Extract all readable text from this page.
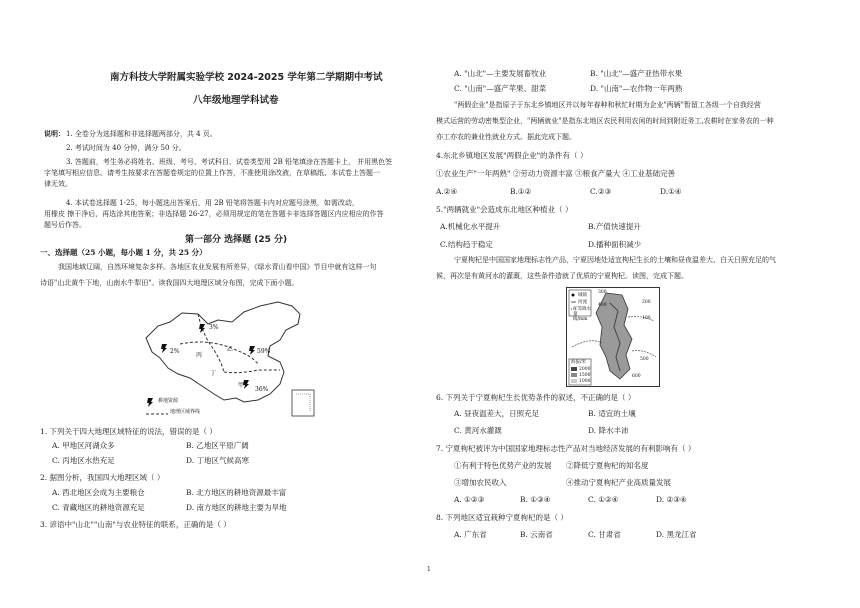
南方科技大学附属实验学校 2024-2025 学年第二学期期中考试
八年级地理学科试卷
说明： 1. 全卷分为选择题和非选择题两部分，共 4 页。
2. 考试时间为 40 分钟，满分 50 分。
3. 答题前，考生务必将姓名、班级、考号、考试科目、试卷类型用 2B 铅笔填涂在答题卡上， 并用黑色签
字笔填写相应信息。请考生按要求在答题卷规定的位置上作答，不准使用涂改液，在草稿纸、本试卷上答题一
律无效。
4. 本试卷选择题 1-25，每小题选出答案后，用 2B 铅笔将答题卡内对应题号涂黑，如需改动，
用橡皮 擦干净后，再选涂其他答案；非选择题 26-27，必须用规定的笔在答题卡非选择答题区内应相应的作答
题号后作答。
第一部分 选择题 (25 分)
一、选择题（25 小题，每小题 1 分，共 25 分）
我国地域辽阔，自然环境复杂多样。各地区农业发展有所差异，《绿水青山看中国》节目中就有这样一句
诗语"山北黄牛下地，山南水牛犁田"。读我国四大地理区域分布图，完成下面小题。
3%
2%
36%
59%
乙
丙
丁
甲
耕地资源
地理区域界线
1. 下列关于四大地理区域特征的说法，错误的是（ ）
A. 甲地区河湖众多	B. 乙地区平原广阔
C. 丙地区水热充足	D. 丁地区气候高寒
2. 据图分析，我国四大地理区域（ ）
A. 西北地区会成为主要粮仓	B. 北方地区的耕地资源最丰富
C. 青藏地区的耕地资源充足	D. 南方地区的耕地主要为旱地
3. 谚语中"山北""山南"与农业特征的联系，正确的是（ ）
A. "山北"—主要发展畜牧业	B. "山北"—盛产亚热带水果
C. "山南"—盛产苹果、甜菜	D. "山南"—农作物一年两熟
"两假企业"是指原子于东北乡镇地区并以每年春种和秋忙时期为企业"两辆"暂留工各级一个自我经营
模式运营的劳动密集型企业，"两辆就业"是指东北地区农民利用农闲的时间到附近务工,农耕时在家务农的一种
亦工亦农的兼业性就业方式。据此完成下题。
4.东北乡镇地区发展"两假企业"的条件有（ ）
①农业生产"一年两熟" ②劳动力资源丰富 ③粮食产量大 ④工业基础完善
A.②④	B.①②	C.②③	D.①④
5."两辆就业"会造成东北地区种植业（ ）
A.机械化水平提升	B.产值快速提升
C.结构趋于稳定	D.播种面积减少
宁夏枸杞是中国国家地理标志性产品，宁夏因地处适宜枸杞生长的土壤和昼夜温差大、白天日照充足的气
候，再次是有黄河水的灌溉，这些条件造就了优质的宁夏枸杞。读图，完成下题。
城镇
河流
年等降水量线/mm
300
400
200
100
500
600
海拔/米
2000
1500
1000
6. 下列关于宁夏枸杞生长优势条件的叙述，不正确的是（ ）
A. 昼夜温差大，日照充足	B. 适宜的土壤
C. 黄河水灌溉	D. 降水丰沛
7. 宁夏枸杞被评为中国国家地理标志性产品对当地经济发展的有利影响有（ ）
①有利于特色优势产业的发展 ②降低宁夏枸杞的知名度
③增加农民收入	④推动宁夏枸杞产业高质量发展
A. ①②③	B. ①③④	C. ①②④	D. ②③④
8. 下列地区适宜栽种宁夏枸杞的是（ ）
A. 广东省	B. 云南省	C. 甘肃省	D. 黑龙江省
1
